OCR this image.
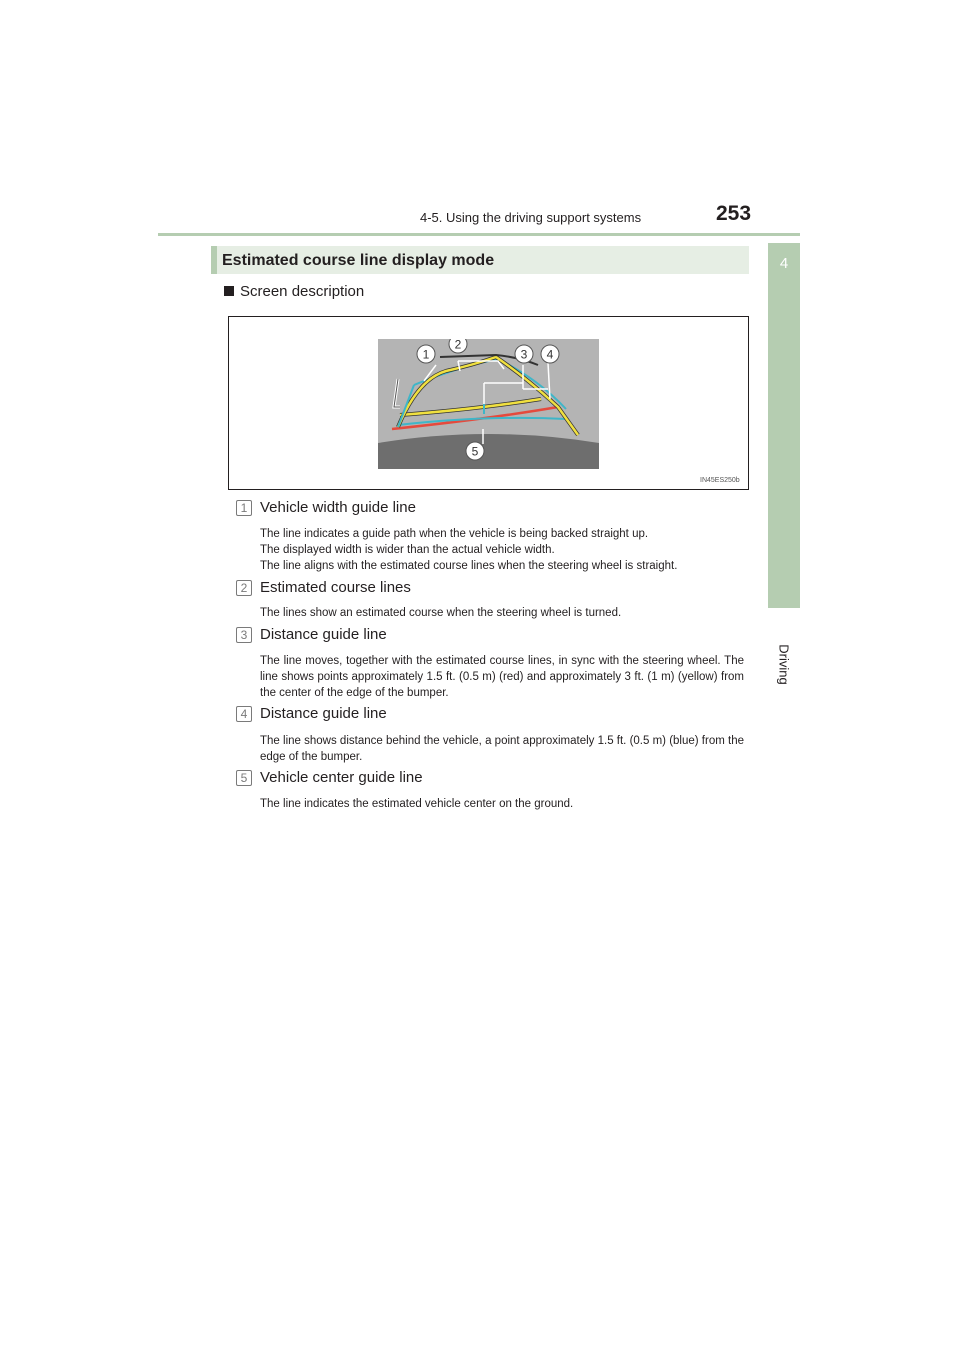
4-5. Using the driving support systems	253
4
Driving
Estimated course line display mode
Screen description
1
2
3 4
5
IN45ES250b
1 Vehicle width guide line

The line indicates a guide path when the vehicle is being backed straight up.
The displayed width is wider than the actual vehicle width.
The line aligns with the estimated course lines when the steering wheel is straight.

2 Estimated course lines

The lines show an estimated course when the steering wheel is turned.

3 Distance guide line

The line moves, together with the estimated course lines, in sync with the steering wheel. The line shows points approximately 1.5 ft. (0.5 m) (red) and approximately 3 ft. (1 m) (yellow) from the center of the edge of the bumper.

4 Distance guide line

The line shows distance behind the vehicle, a point approximately 1.5 ft. (0.5 m) (blue) from the edge of the bumper.

5 Vehicle center guide line

The line indicates the estimated vehicle center on the ground.
